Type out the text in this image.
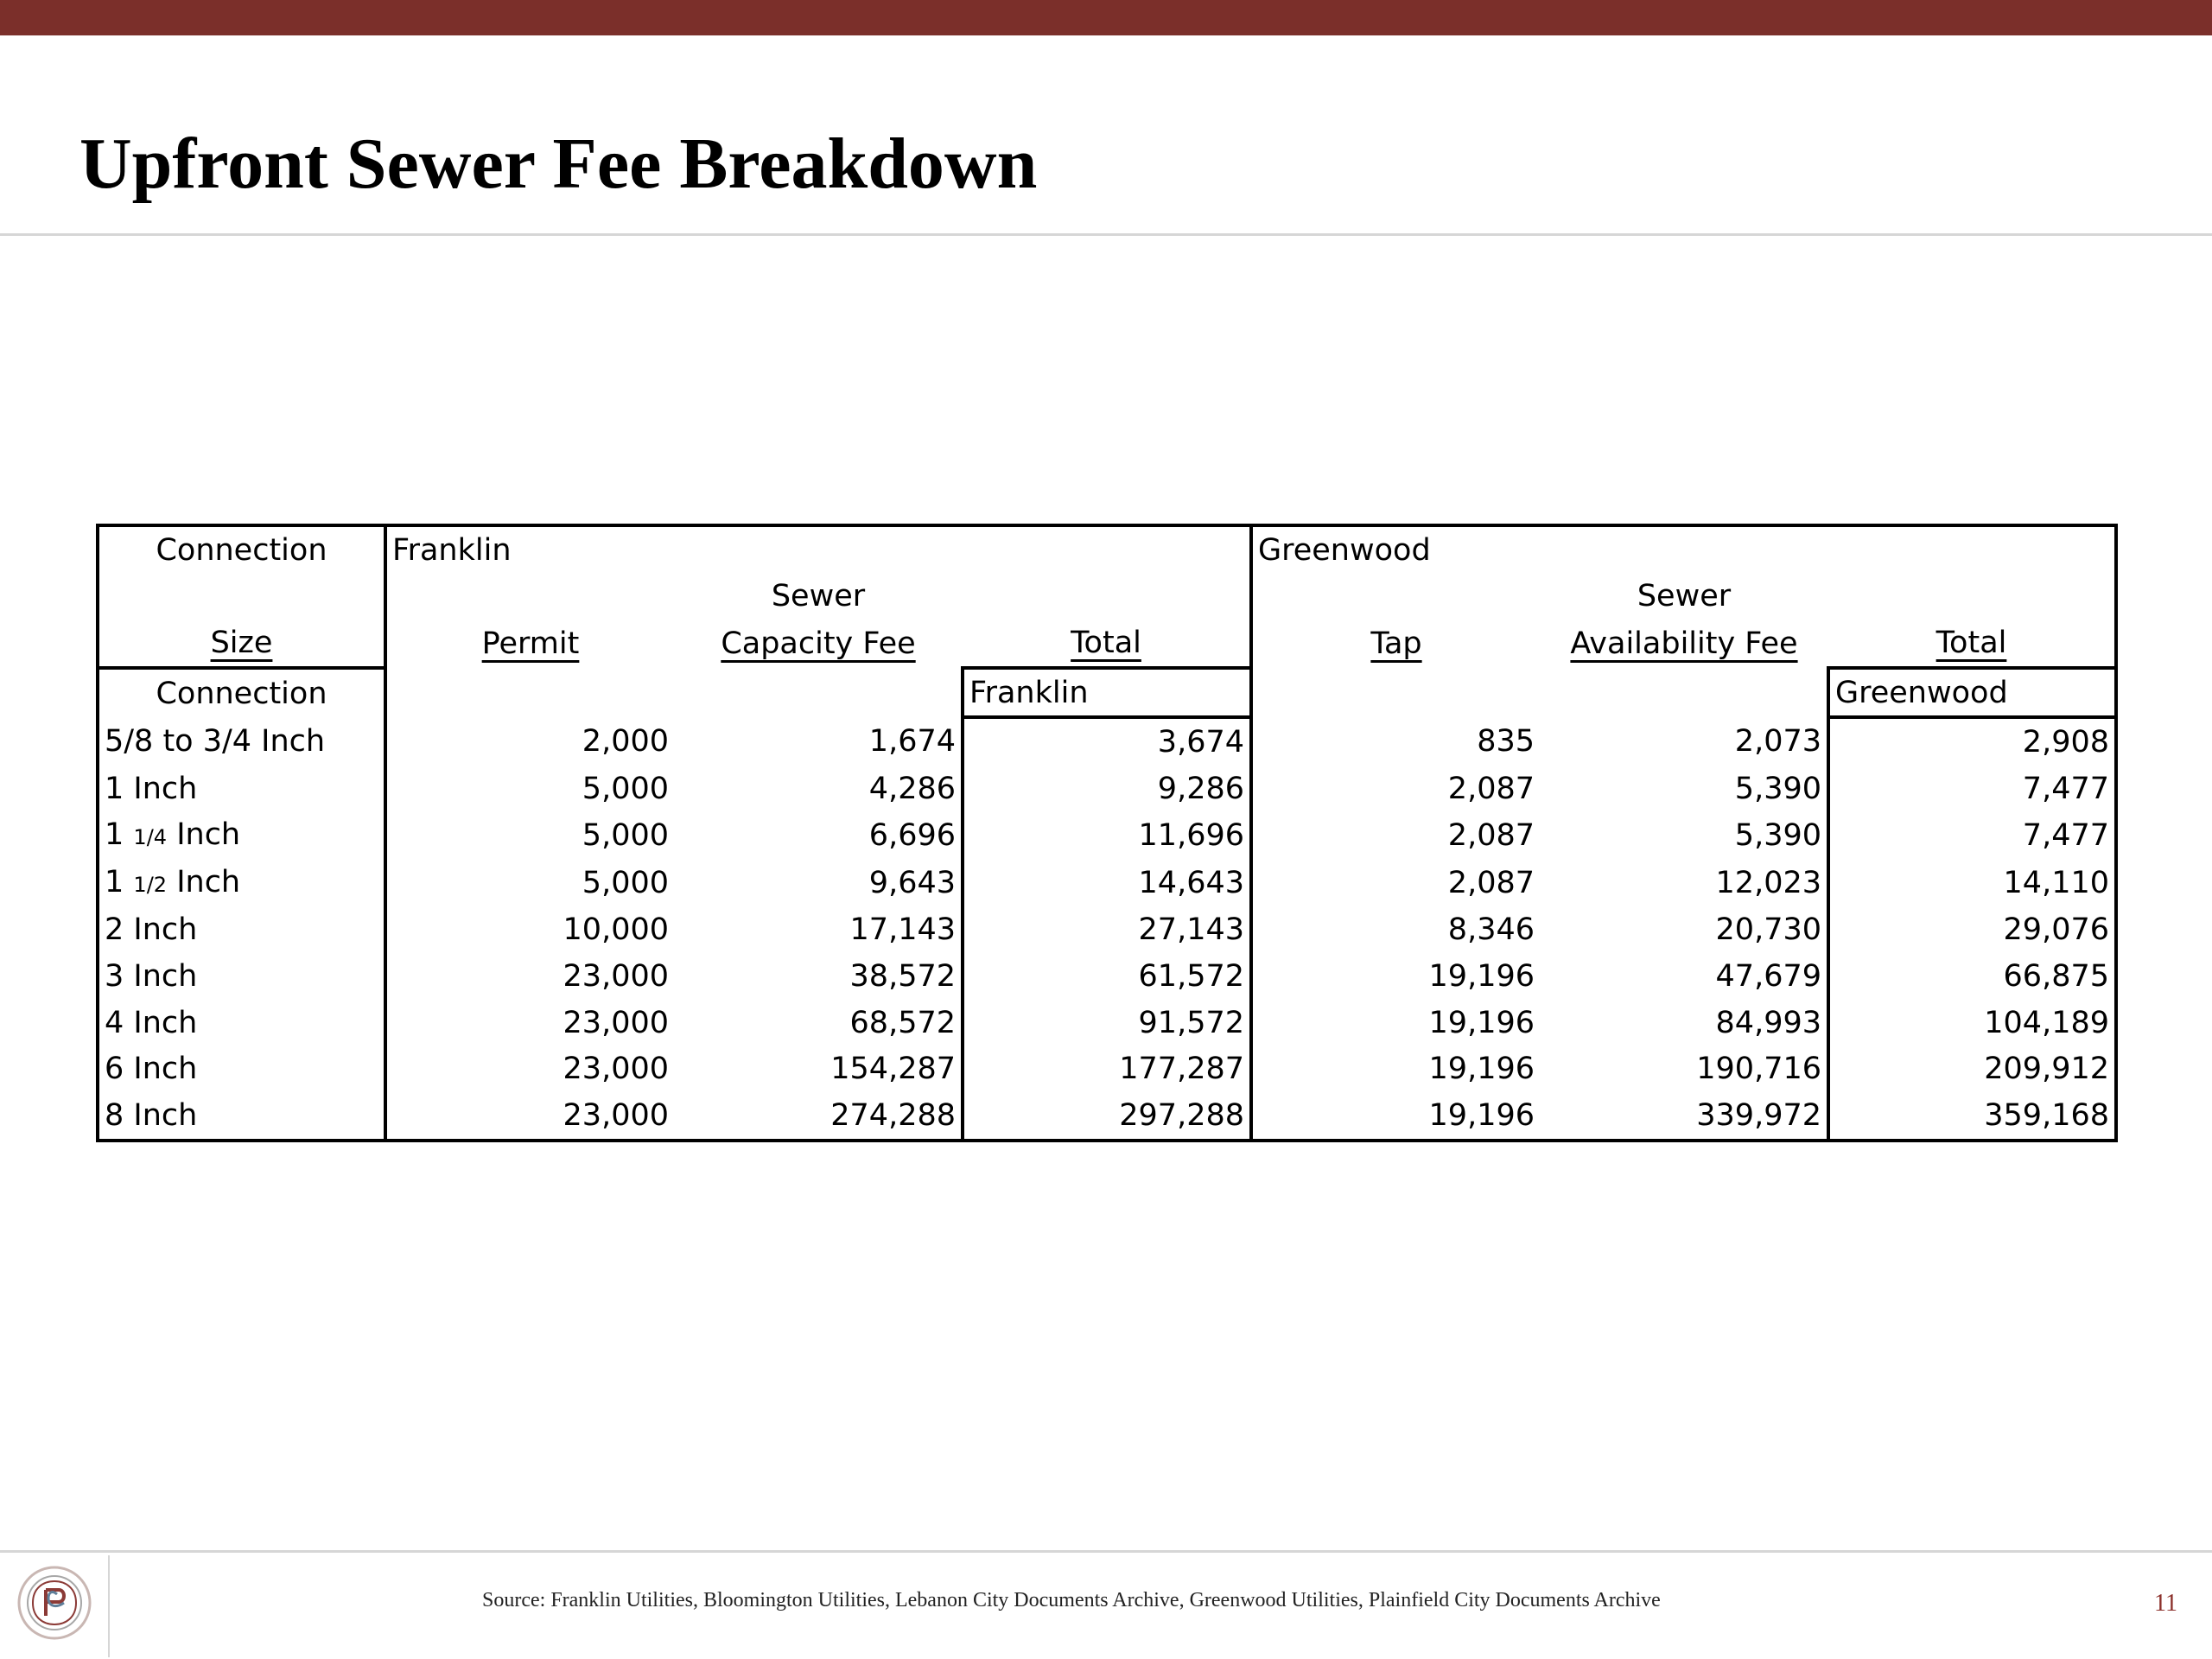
Upfront Sewer Fee Breakdown
Connection	Franklin			Greenwood		
		Sewer			Sewer	
Size	Permit	Capacity Fee	Total	Tap	Availability Fee	Total
Connection			Franklin			Greenwood
5/8 to 3/4 Inch	2,000	1,674	3,674	835	2,073	2,908
1 Inch	5,000	4,286	9,286	2,087	5,390	7,477
1 1/4 Inch	5,000	6,696	11,696	2,087	5,390	7,477
1 1/2 Inch	5,000	9,643	14,643	2,087	12,023	14,110
2 Inch	10,000	17,143	27,143	8,346	20,730	29,076
3 Inch	23,000	38,572	61,572	19,196	47,679	66,875
4 Inch	23,000	68,572	91,572	19,196	84,993	104,189
6 Inch	23,000	154,287	177,287	19,196	190,716	209,912
8 Inch	23,000	274,288	297,288	19,196	339,972	359,168
Source: Franklin Utilities, Bloomington Utilities, Lebanon City Documents Archive, Greenwood Utilities, Plainfield City Documents Archive	11
